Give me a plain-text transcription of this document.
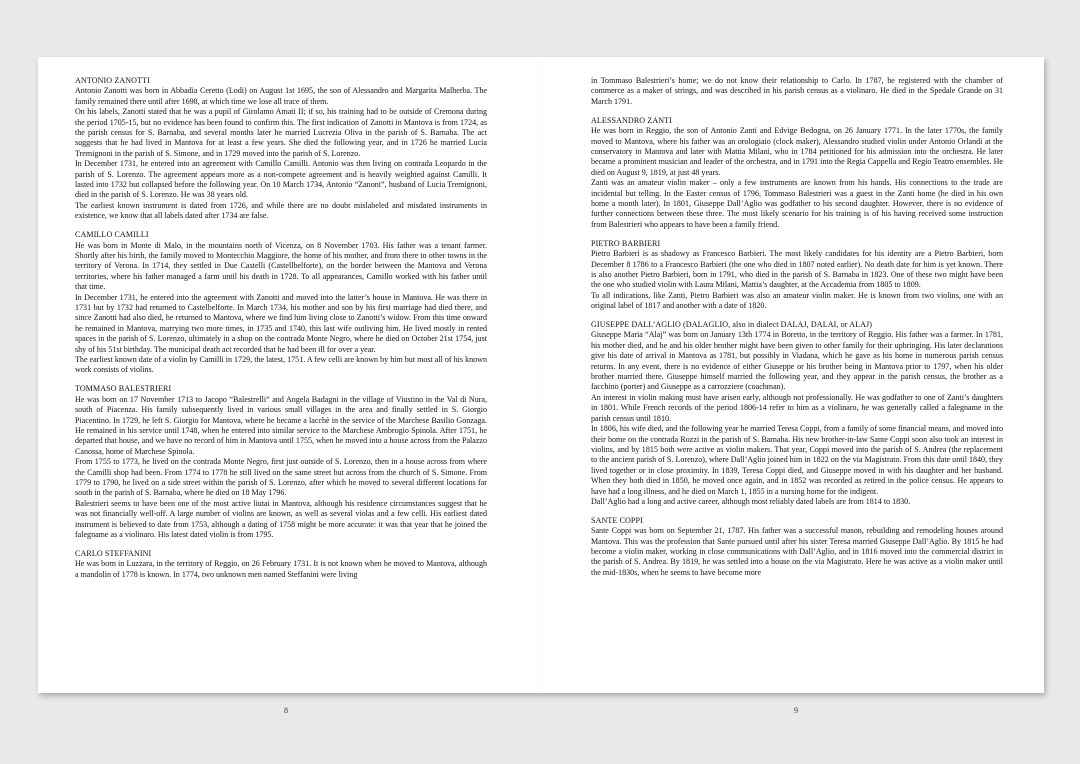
ANTONIO ZANOTTI

Antonio Zanotti was born in Abbadia Ceretto (Lodi) on August 1st 1695, the son of Alessandro and Margarita Malherba. The family remained there until after 1698, at which time we lose all trace of them.

On his labels, Zanotti stated that he was a pupil of Girolamo Amati II; if so, his training had to be outside of Cremona during the period 1705-15, but no evidence has been found to confirm this. The first indication of Zanotti in Mantova is from 1724, as the parish census for S. Barnaba, and several months later he married Lucrezia Oliva in the parish of S. Barnaba. The act suggests that he had lived in Mantova for at least a few years. She died the following year, and in 1726 he married Lucia Tremignoni in the parish of S. Simone, and in 1729 moved into the parish of S. Lorenzo.

In December 1731, he entered into an agreement with Camillo Camilli. Antonio was then living on contrada Leopardo in the parish of S. Lorenzo. The agreement appears more as a non-compete agreement and is heavily weighted against Camilli. It lasted into 1732 but collapsed before the following year. On 10 March 1734, Antonio “Zanoni”, husband of Lucia Tremignoni, died in the parish of S. Lorenzo. He was 38 years old.

The earliest known instrument is dated from 1726, and while there are no doubt mislabeled and misdated instruments in existence, we know that all labels dated after 1734 are false.

CAMILLO CAMILLI

He was born in Monte di Malo, in the mountains north of Vicenza, on 8 November 1703. His father was a tenant farmer. Shortly after his birth, the family moved to Montecchio Maggiore, the home of his mother, and from there to other towns in the territory of Verona. In 1714, they settled in Due Castelli (Castellbelforte), on the border between the Mantova and Verona territories, where his father managed a farm until his death in 1728. To all appearances, Camillo worked with his father until that time.

In December 1731, he entered into the agreement with Zanotti and moved into the latter’s house in Mantova. He was there in 1731 but by 1732 had returned to Castelbelforte. In March 1734, his mother and son by his first marriage had died there, and since Zanotti had also died, he returned to Mantova, where we find him living close to Zanotti’s widow. From this time onward he remained in Mantova, marrying two more times, in 1735 and 1740, this last wife outliving him. He lived mostly in rented spaces in the parish of S. Lorenzo, ultimately in a shop on the contrada Monte Negro, where he died on October 21st 1754, just shy of his 51st birthday. The municipal death act recorded that he had been ill for over a year.

The earliest known date of a violin by Camilli in 1729, the latest, 1751. A few celli are known by him but most all of his known work consists of violins.

TOMMASO BALESTRIERI

He was born on 17 November 1713 to Jacopo “Balestrelli” and Angela Badagni in the village of Viustino in the Val di Nura, south of Piacenza. His family subsequently lived in various small villages in the area and finally settled in S. Giorgio Piacentino. In 1729, he left S. Giorgio for Mantova, where he became a lacchè in the service of the Marchese Basilio Gonzaga. He remained in his service until 1748, when he entered into similar service to the Marchese Ambrogio Spinola. After 1751, he departed that house, and we have no record of him in Mantova until 1755, when he moved into a house across from the Palazzo Canossa, home of Marchese Spinola.

From 1755 to 1773, he lived on the contrada Monte Negro, first just outside of S. Lorenzo, then in a house across from where the Camilli shop had been. From 1774 to 1778 he still lived on the same street but across from the church of S. Simone. From 1779 to 1790, he lived on a side street within the parish of S. Lorenzo, after which he moved to several different locations far south in the parish of S. Barnaba, where he died on 18 May 1796.

Balestrieri seems to have been one of the most active liutai in Mantova, although his residence circumstances suggest that he was not financially well-off. A large number of violins are known, as well as several violas and a few celli. His earliest dated instrument is believed to date from 1753, although a dating of 1758 might be more accurate: it was that year that he joined the falegname as a violinaro. His latest dated violin is from 1795.

CARLO STEFFANINI

He was born in Luzzara, in the territory of Reggio, on 26 February 1731. It is not known when he moved to Mantova, although a mandolin of 1778 is known. In 1774, two unknown men named Steffanini were living

in Tommaso Balestrieri’s home; we do not know their relationship to Carlo. In 1787, he registered with the chamber of commerce as a maker of strings, and was described in his parish census as a violinaro. He died in the Spedale Grande on 31 March 1791.

ALESSANDRO ZANTI

He was born in Reggio, the son of Antonio Zanti and Edvige Bedogna, on 26 January 1771. In the later 1770s, the family moved to Mantova, where his father was an orologiaio (clock maker), Alessandro studied violin under Antonio Orlandi at the conservatory in Mantova and later with Mattia Milani, who in 1784 petitioned for his admission into the orchestra. He later became a prominent musician and leader of the orchestra, and in 1791 into the Regia Cappella and Regio Teatro ensembles. He died on August 9, 1819, at just 48 years.

Zanti was an amateur violin maker – only a few instruments are known from his hands. His connections to the trade are incidental but telling. In the Easter census of 1796, Tommaso Balestrieri was a guest in the Zanti home (he died in his own home a month later). In 1801, Giuseppe Dall’Aglio was godfather to his second daughter. However, there is no evidence of further connections between these three. The most likely scenario for his training is of his having received some instruction from Balestrieri who appears to have been a family friend.

PIETRO BARBIERI

Pietro Barbieri is as shadowy as Francesco Barbieri. The most likely candidates for his identity are a Pietro Barbieri, born December 8 1786 to a Francesco Barbieri (the one who died in 1807 noted earlier). No death date for him is yet known. There is also another Pietro Barbieri, born in 1791, who died in the parish of S. Barnaba in 1823. One of these two might have been the one who studied violin with Laura Milani, Mattia’s daughter, at the Accademia from 1805 to 1809.

To all indications, like Zanti, Pietro Barbieri was also an amateur violin maker. He is known from two violins, one with an original label of 1817 and another with a date of 1820.

GIUSEPPE DALL’AGLIO (DALAGLIO, also in dialect DALAJ, DALAI, or ALAJ)

Giuseppe Maria “Alaj” was born on January 13th 1774 in Boretto, in the territory of Reggio. His father was a farmer. In 1781, his mother died, and he and his older brother might have been given to other family for their upbringing. His later declarations give his date of arrival in Mantova as 1781, but possibly in Viadana, which he gave as his home in numerous parish census returns. In any event, there is no evidence of either Giuseppe or his brother being in Mantova prior to 1797, when his older brother married there. Giuseppe himself married the following year, and they appear in the parish census, the brother as a facchino (porter) and Giuseppe as a carrozziere (coachman).

An interest in violin making must have arisen early, although not professionally. He was godfather to one of Zanti’s daughters in 1801. While French records of the period 1806-14 refer to him as a violinaro, he was generally called a falegname in the parish census until 1810.

In 1806, his wife died, and the following year he married Teresa Coppi, from a family of some financial means, and moved into their home on the contrada Rozzi in the parish of S. Barnaba. His new brother-in-law Sante Coppi soon also took an interest in violins, and by 1815 both were active as violin makers. That year, Coppi moved into the parish of S. Andrea (the replacement to the ancient parish of S. Lorenzo), where Dall’Aglio joined him in 1822 on the via Magistrato. From this date until 1840, they lived together or in close proximity. In 1839, Teresa Coppi died, and Giuseppe moved in with his daughter and her husband. When they both died in 1850, he moved once again, and in 1852 was recorded as retired in the police census. He appears to have had a long illness, and he died on March 1, 1855 in a nursing home for the indigent.

Dall’Aglio had a long and active career, although most reliably dated labels are from 1814 to 1830.

SANTE COPPI

Sante Coppi was born on September 21, 1787. His father was a successful mason, rebuilding and remodeling houses around Mantova. This was the profession that Sante pursued until after his sister Teresa married Giuseppe Dall’Aglio. By 1815 he had become a violin maker, working in close communications with Dall’Aglio, and in 1816 moved into the commercial district in the parish of S. Andrea. By 1819, he was settled into a house on the via Magistrato. Here he was active as a violin maker until the mid-1830s, when he seems to have become more

8	9
